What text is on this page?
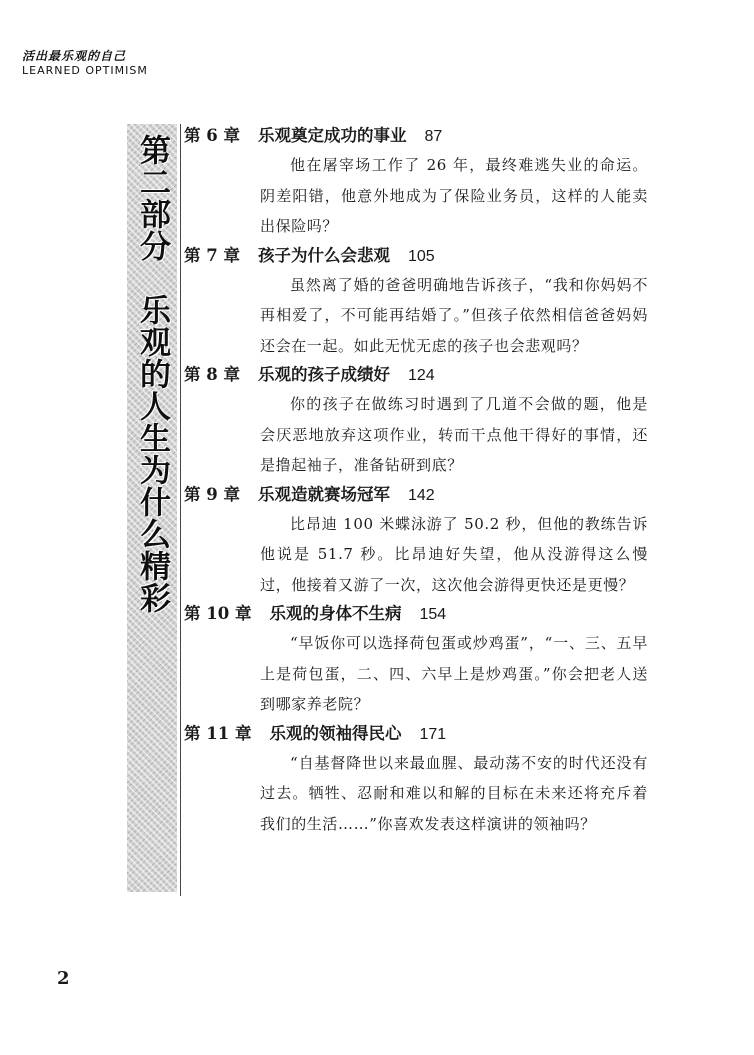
活出最乐观的自己
LEARNED OPTIMISM
第二部分　乐观的人生为什么精彩 第 6 章 乐观奠定成功的事业 87

他在屠宰场工作了 26 年，最终难逃失业的命运。阴差阳错，他意外地成为了保险业务员，这样的人能卖出保险吗？

第 7 章 孩子为什么会悲观 105

虽然离了婚的爸爸明确地告诉孩子，“我和你妈妈不再相爱了，不可能再结婚了。”但孩子依然相信爸爸妈妈还会在一起。如此无忧无虑的孩子也会悲观吗？

第 8 章 乐观的孩子成绩好 124

你的孩子在做练习时遇到了几道不会做的题，他是会厌恶地放弃这项作业，转而干点他干得好的事情，还是撸起袖子，准备钻研到底？

第 9 章 乐观造就赛场冠军 142

比昂迪 100 米蝶泳游了 50.2 秒，但他的教练告诉他说是 51.7 秒。比昂迪好失望，他从没游得这么慢过，他接着又游了一次，这次他会游得更快还是更慢？

第 10 章 乐观的身体不生病 154

“早饭你可以选择荷包蛋或炒鸡蛋”，“一、三、五早上是荷包蛋，二、四、六早上是炒鸡蛋。”你会把老人送到哪家养老院？

第 11 章 乐观的领袖得民心 171

“自基督降世以来最血腥、最动荡不安的时代还没有过去。牺牲、忍耐和难以和解的目标在未来还将充斥着我们的生活……”你喜欢发表这样演讲的领袖吗？

2
